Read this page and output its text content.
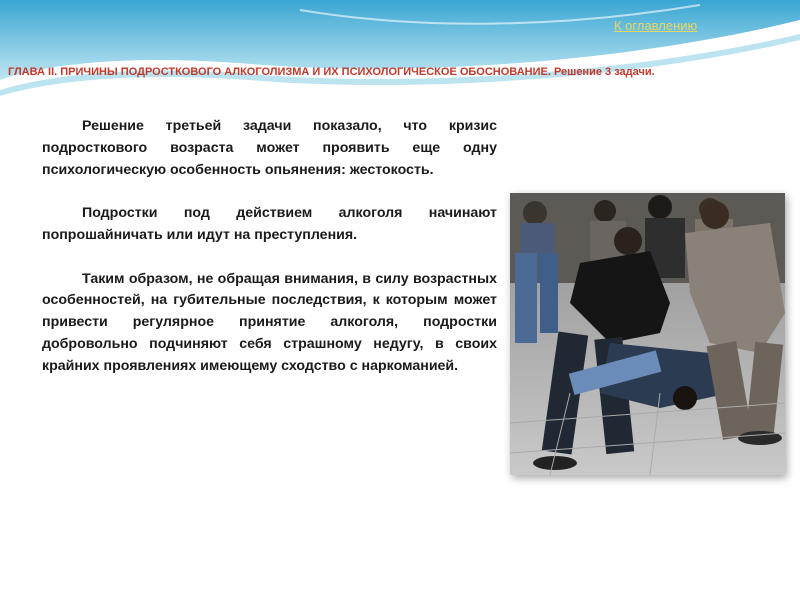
К оглавлению
ГЛАВА II. ПРИЧИНЫ ПОДРОСТКОВОГО АЛКОГОЛИЗМА И ИХ ПСИХОЛОГИЧЕСКОЕ ОБОСНОВАНИЕ. Решение 3 задачи.

Решение третьей задачи показало, что кризис подросткового возраста может проявить еще одну психологическую особенность опьянения: жестокость.

Подростки под действием алкоголя начинают попрошайничать или идут на преступления.

Таким образом, не обращая внимания, в силу возрастных особенностей, на губительные последствия, к которым может привести регулярное принятие алкоголя, подростки добровольно подчиняют себя страшному недугу, в своих крайних проявлениях имеющему сходство с наркоманией.
